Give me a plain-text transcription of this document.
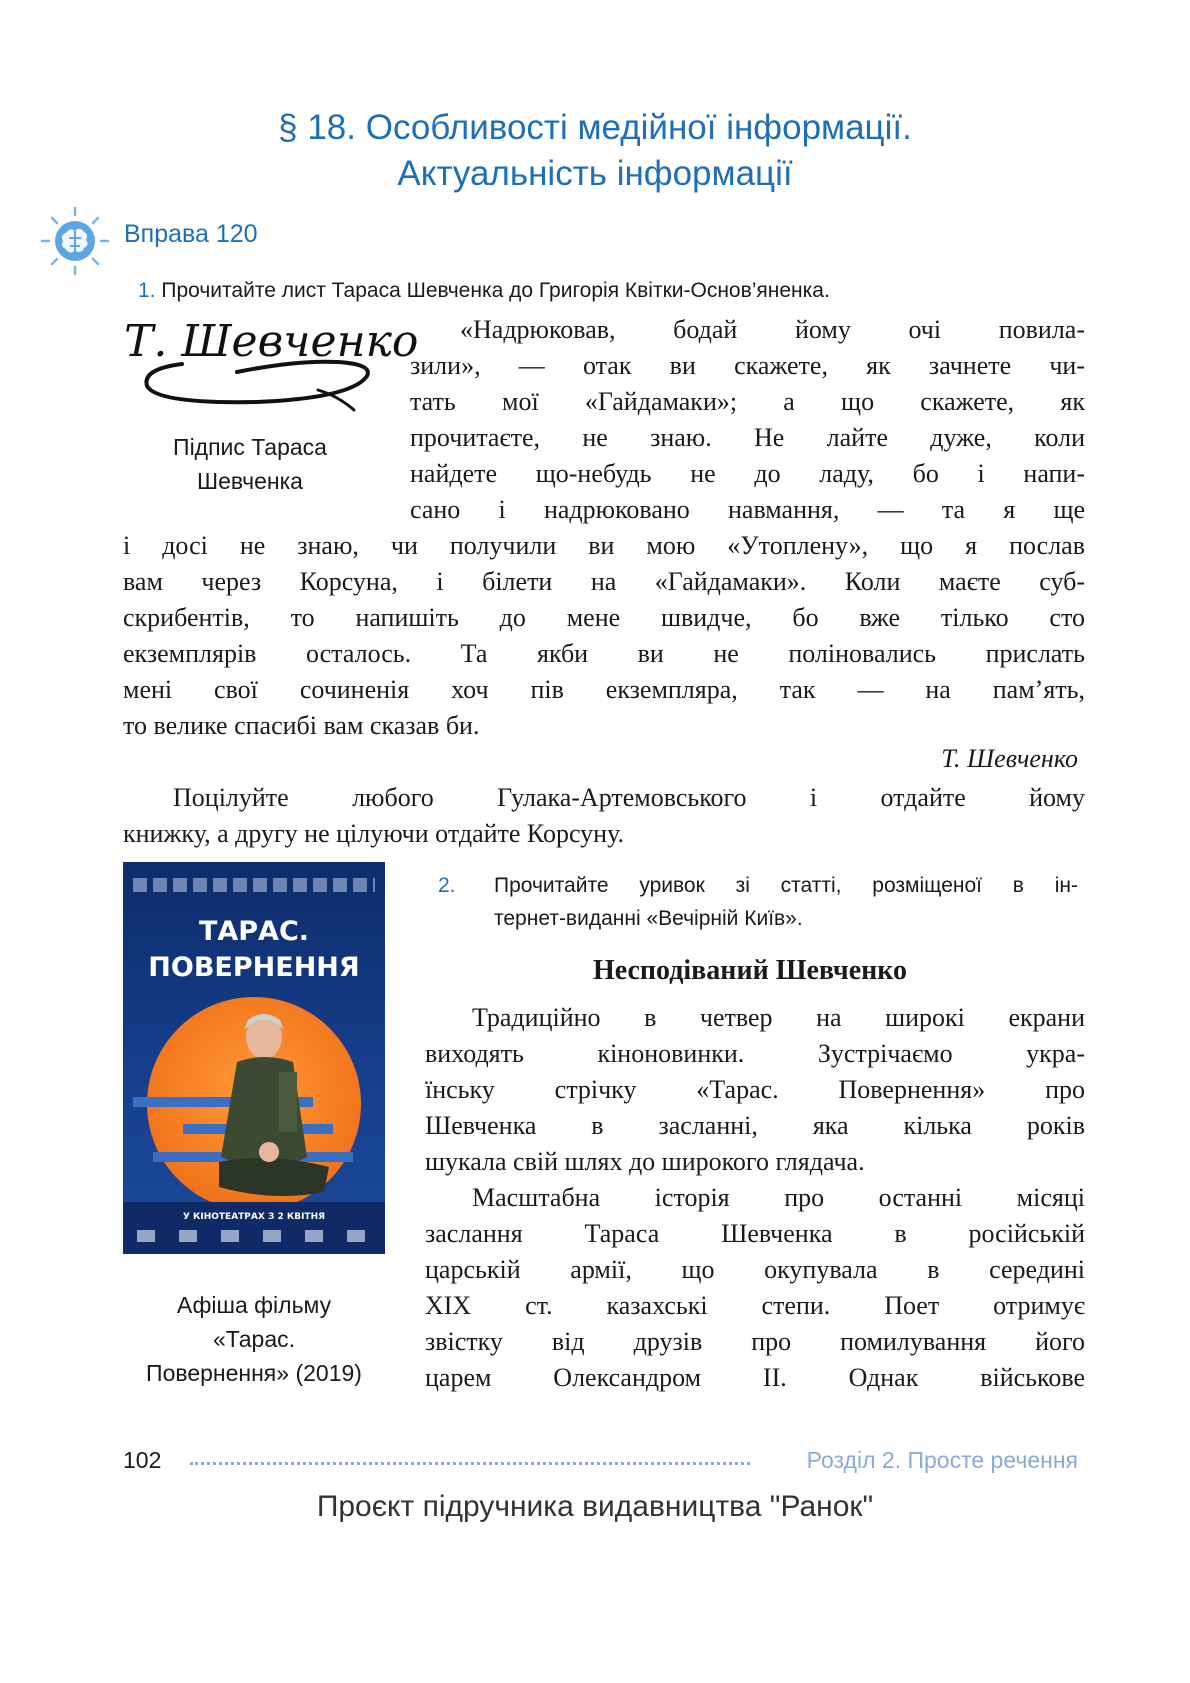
§ 18. Особливості медійної інформації.
Актуальність інформації
Вправа 120
1. Прочитайте лист Тараса Шевченка до Григорія Квітки-Основ’яненка.
Т. Шевченко
Підпис Тараса
Шевченка
«Надрюковав, бодай йому очі повила-
зили», — отак ви скажете, як зачнете чи-
тать мої «Гайдамаки»; а що скажете, як
прочитаєте, не знаю. Не лайте дуже, коли
найдете що-небудь не до ладу, бо і напи-
сано і надрюковано навмання, — та я ще
і досі не знаю, чи получили ви мою «Утоплену», що я послав
вам через Корсуна, і білети на «Гайдамаки». Коли маєте суб-
скрибентів, то напишіть до мене швидче, бо вже тілько сто
екземплярів осталось. Та якби ви не поліновались прислать
мені свої сочиненія хоч пів екземпляра, так — на пам’ять,
то велике спасибі вам сказав би.
Т. Шевченко
Поцілуйте любого Гулака-Артемовського і отдайте йому
книжку, а другу не цілуючи отдайте Корсуну.
ТАРАС.
ПОВЕРНЕННЯ
У КІНОТЕАТРАХ З 2 КВІТНЯ
Афіша фільму
«Тарас.
Повернення» (2019)
2. Прочитайте уривок зі статті, розміщеної в ін-
тернет-виданні «Вечірній Київ».
Несподіваний Шевченко
Традиційно в четвер на широкі екрани
виходять кіноновинки. Зустрічаємо укра-
їнську стрічку «Тарас. Повернення» про
Шевченка в засланні, яка кілька років
шукала свій шлях до широкого глядача.
Масштабна історія про останні місяці
заслання Тараса Шевченка в російській
царській армії, що окупувала в середині
XIX ст. казахські степи. Поет отримує
звістку від друзів про помилування його
царем Олександром ІІ. Однак військове
102	Розділ 2. Просте речення
Проєкт підручника видавництва "Ранок"
